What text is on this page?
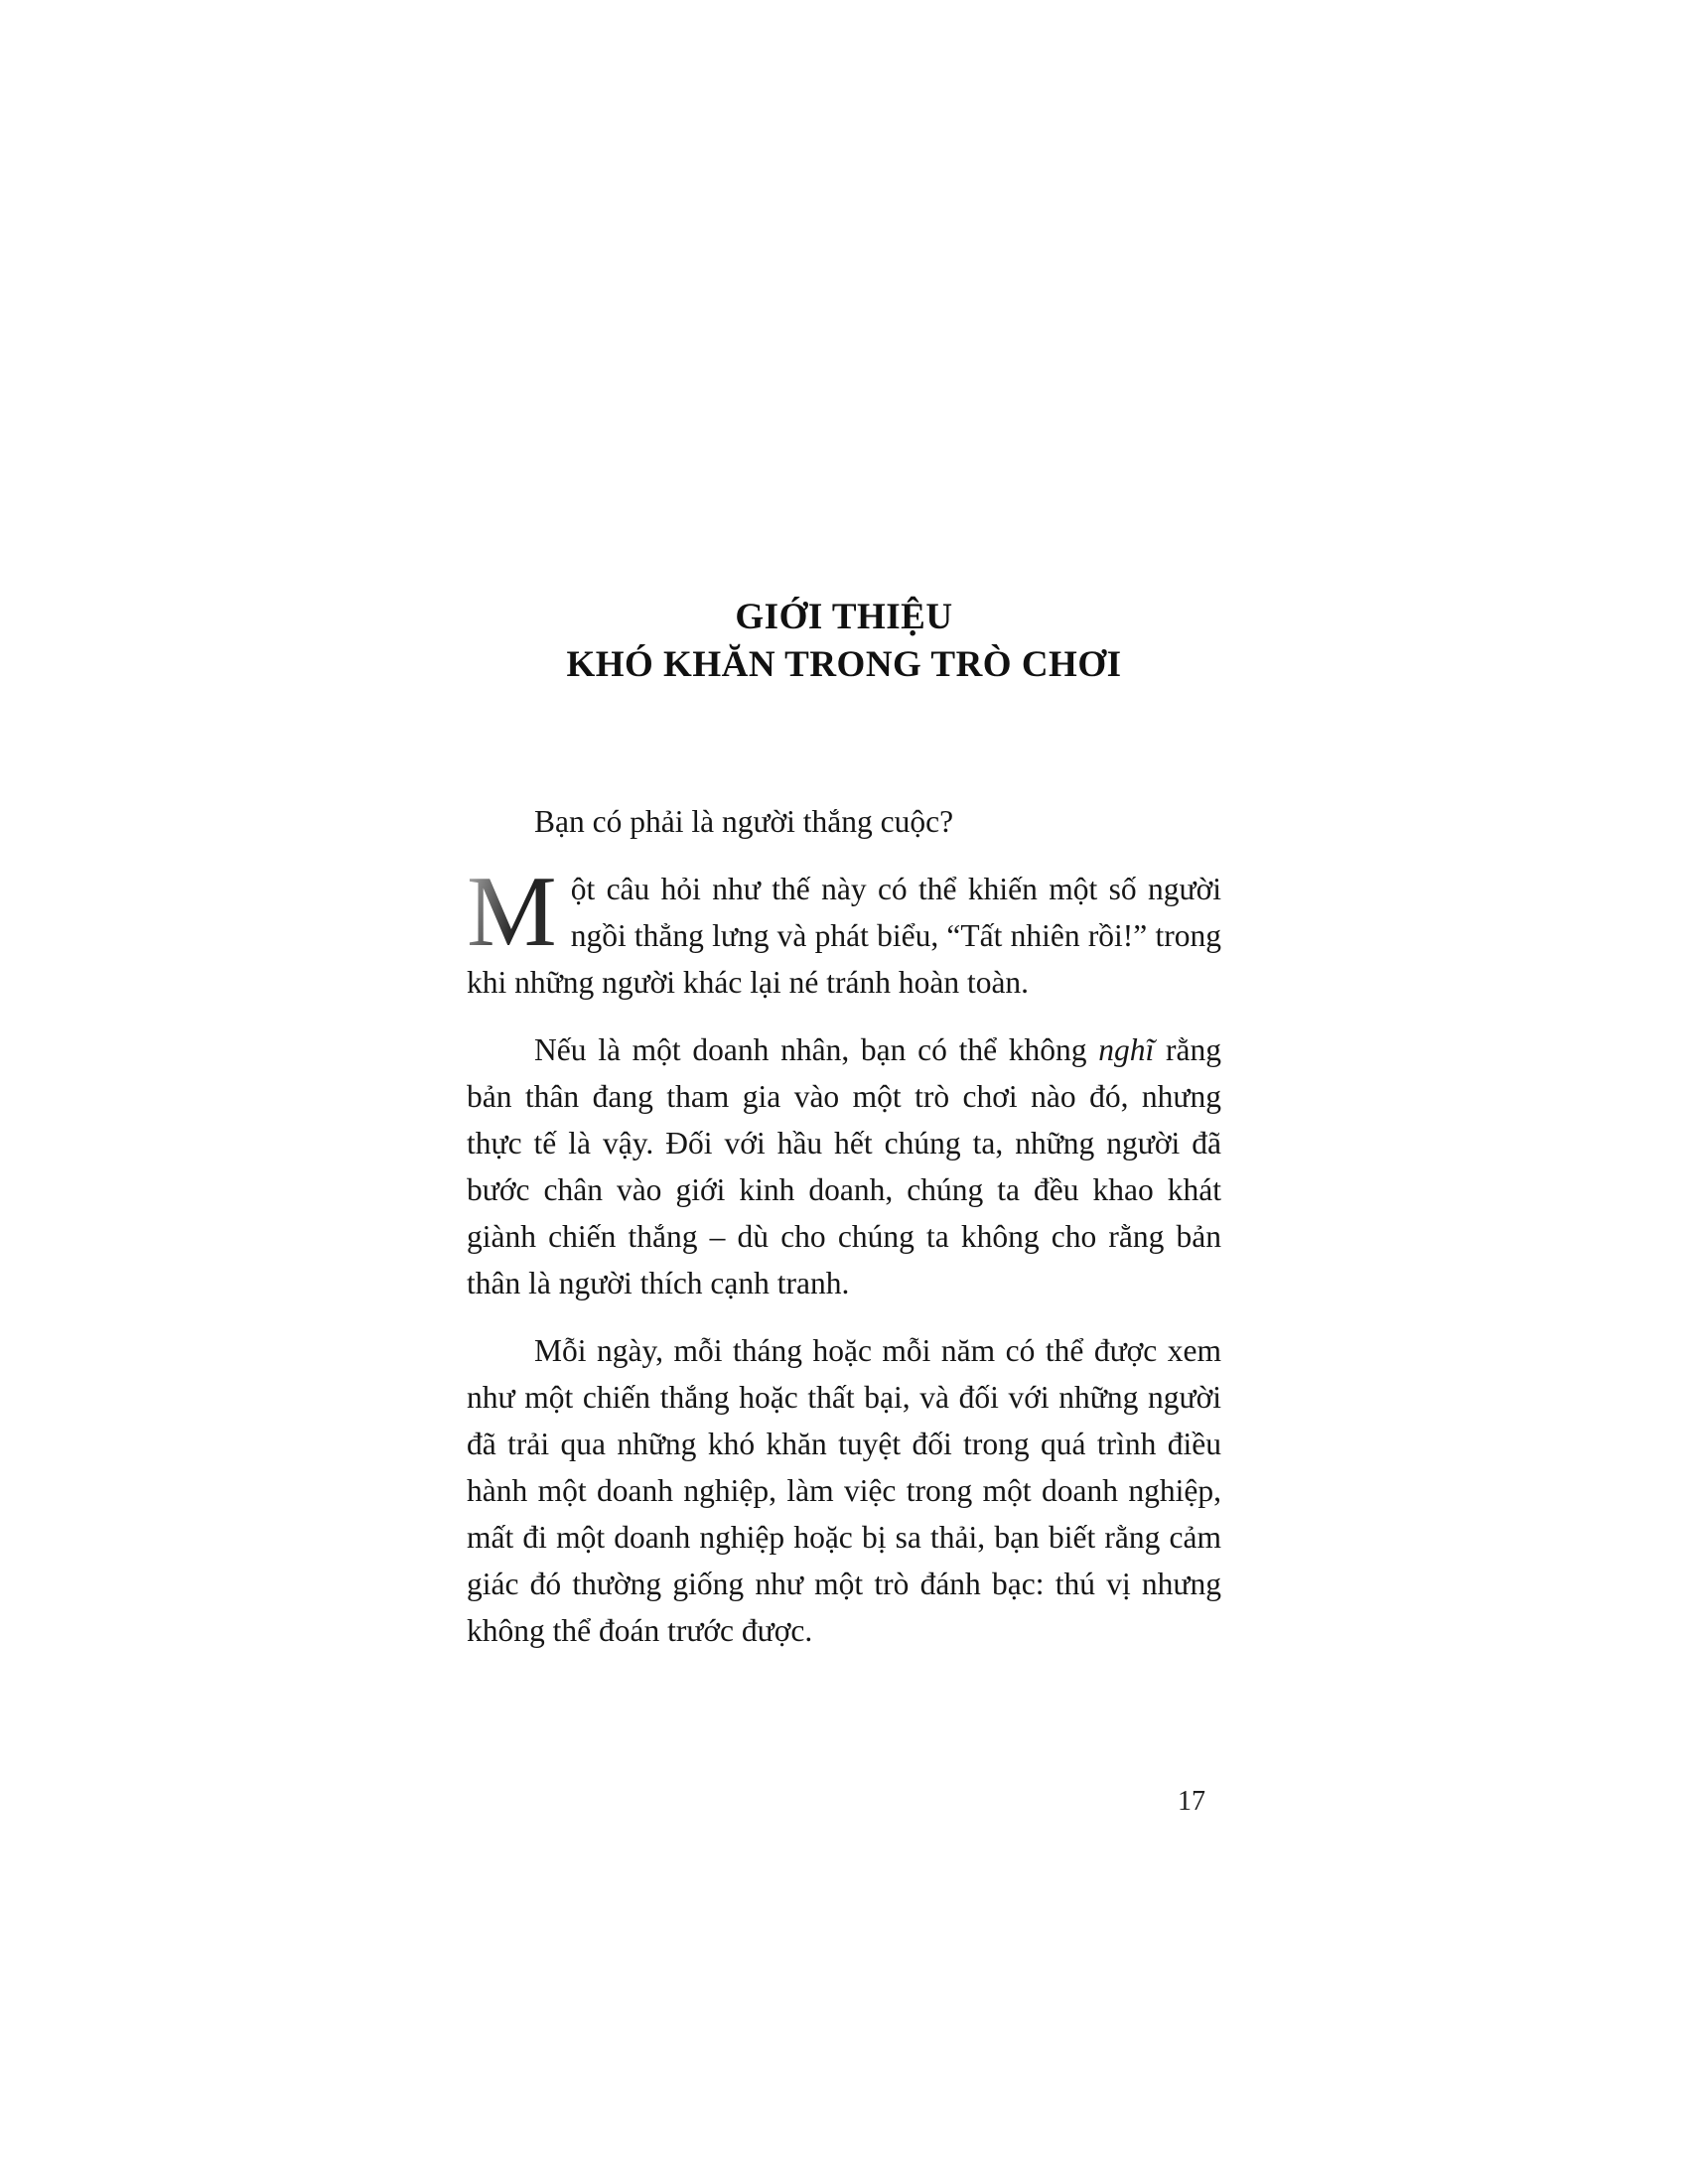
GIỚI THIỆU
KHÓ KHĂN TRONG TRÒ CHƠI

Bạn có phải là người thắng cuộc?

M ột câu hỏi như thế này có thể khiến một số người ngồi thẳng lưng và phát biểu, “Tất nhiên rồi!” trong khi những người khác lại né tránh hoàn toàn.

Nếu là một doanh nhân, bạn có thể không nghĩ rằng bản thân đang tham gia vào một trò chơi nào đó, nhưng thực tế là vậy. Đối với hầu hết chúng ta, những người đã bước chân vào giới kinh doanh, chúng ta đều khao khát giành chiến thắng – dù cho chúng ta không cho rằng bản thân là người thích cạnh tranh.

Mỗi ngày, mỗi tháng hoặc mỗi năm có thể được xem như một chiến thắng hoặc thất bại, và đối với những người đã trải qua những khó khăn tuyệt đối trong quá trình điều hành một doanh nghiệp, làm việc trong một doanh nghiệp, mất đi một doanh nghiệp hoặc bị sa thải, bạn biết rằng cảm giác đó thường giống như một trò đánh bạc: thú vị nhưng không thể đoán trước được.

17
